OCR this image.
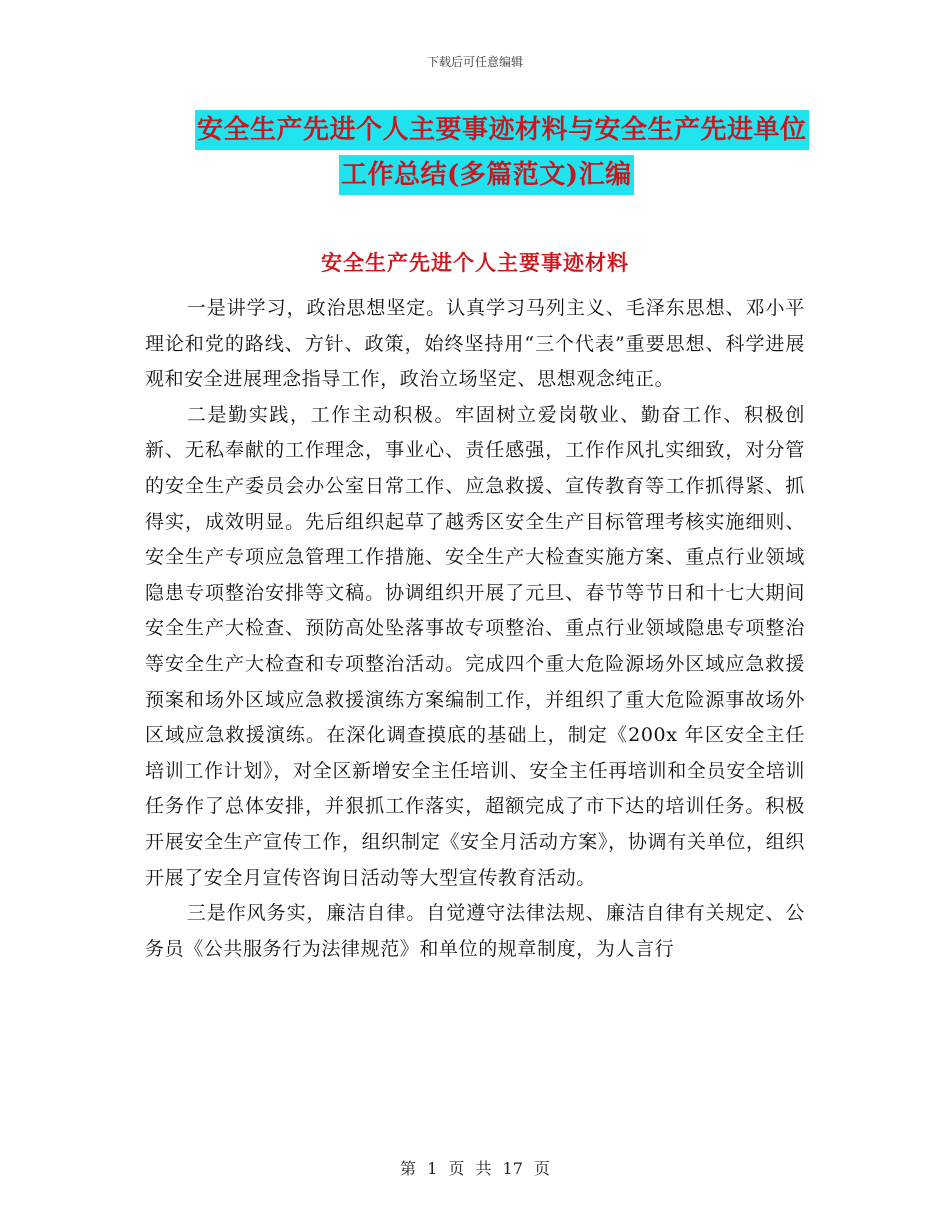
下载后可任意编辑
安全生产先进个人主要事迹材料与安全生产先进单位
工作总结(多篇范文)汇编
安全生产先进个人主要事迹材料

一是讲学习，政治思想坚定。认真学习马列主义、毛泽东思想、邓小平理论和党的路线、方针、政策，始终坚持用“三个代表”重要思想、科学进展观和安全进展理念指导工作，政治立场坚定、思想观念纯正。

二是勤实践，工作主动积极。牢固树立爱岗敬业、勤奋工作、积极创新、无私奉献的工作理念，事业心、责任感强，工作作风扎实细致，对分管的安全生产委员会办公室日常工作、应急救援、宣传教育等工作抓得紧、抓得实，成效明显。先后组织起草了越秀区安全生产目标管理考核实施细则、安全生产专项应急管理工作措施、安全生产大检查实施方案、重点行业领域隐患专项整治安排等文稿。协调组织开展了元旦、春节等节日和十七大期间安全生产大检查、预防高处坠落事故专项整治、重点行业领域隐患专项整治等安全生产大检查和专项整治活动。完成四个重大危险源场外区域应急救援预案和场外区域应急救援演练方案编制工作，并组织了重大危险源事故场外区域应急救援演练。在深化调查摸底的基础上，制定《200x 年区安全主任培训工作计划》，对全区新增安全主任培训、安全主任再培训和全员安全培训任务作了总体安排，并狠抓工作落实，超额完成了市下达的培训任务。积极开展安全生产宣传工作，组织制定《安全月活动方案》，协调有关单位，组织开展了安全月宣传咨询日活动等大型宣传教育活动。

三是作风务实，廉洁自律。自觉遵守法律法规、廉洁自律有关规定、公务员《公共服务行为法律规范》和单位的规章制度，为人言行

第 1 页 共 17 页
